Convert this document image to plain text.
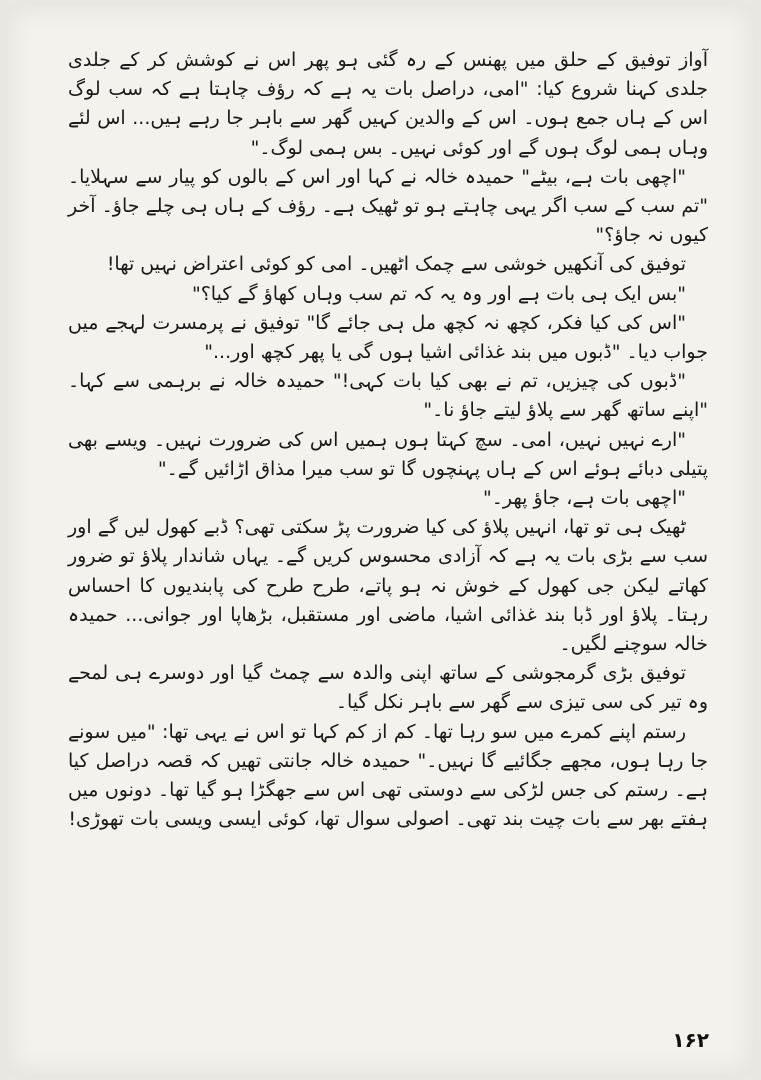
آواز توفیق کے حلق میں پھنس کے رہ گئی ہو پھر اس نے کوشش کر کے جلدی جلدی کہنا شروع کیا: "امی، دراصل بات یہ ہے کہ رؤف چاہتا ہے کہ سب لوگ اس کے ہاں جمع ہوں۔ اس کے والدین کہیں گھر سے باہر جا رہے ہیں... اس لئے وہاں ہمی لوگ ہوں گے اور کوئی نہیں۔ بس ہمی لوگ۔"

"اچھی بات ہے، بیٹے" حمیدہ خالہ نے کہا اور اس کے بالوں کو پیار سے سہلایا۔ "تم سب کے سب اگر یہی چاہتے ہو تو ٹھیک ہے۔ رؤف کے ہاں ہی چلے جاؤ۔ آخر کیوں نہ جاؤ؟"

توفیق کی آنکھیں خوشی سے چمک اٹھیں۔ امی کو کوئی اعتراض نہیں تھا!

"بس ایک ہی بات ہے اور وہ یہ کہ تم سب وہاں کھاؤ گے کیا؟"

"اس کی کیا فکر، کچھ نہ کچھ مل ہی جائے گا" توفیق نے پرمسرت لہجے میں جواب دیا۔ "ڈبوں میں بند غذائی اشیا ہوں گی یا پھر کچھ اور..."

"ڈبوں کی چیزیں، تم نے بھی کیا بات کہی!" حمیدہ خالہ نے برہمی سے کہا۔ "اپنے ساتھ گھر سے پلاؤ لیتے جاؤ نا۔"

"ارے نہیں نہیں، امی۔ سچ کہتا ہوں ہمیں اس کی ضرورت نہیں۔ ویسے بھی پتیلی دبائے ہوئے اس کے ہاں پہنچوں گا تو سب میرا مذاق اڑائیں گے۔"

"اچھی بات ہے، جاؤ پھر۔"

ٹھیک ہی تو تھا، انہیں پلاؤ کی کیا ضرورت پڑ سکتی تھی؟ ڈبے کھول لیں گے اور سب سے بڑی بات یہ ہے کہ آزادی محسوس کریں گے۔ یہاں شاندار پلاؤ تو ضرور کھاتے لیکن جی کھول کے خوش نہ ہو پاتے، طرح طرح کی پابندیوں کا احساس رہتا۔ پلاؤ اور ڈبا بند غذائی اشیا، ماضی اور مستقبل، بڑھاپا اور جوانی... حمیدہ خالہ سوچنے لگیں۔

توفیق بڑی گرمجوشی کے ساتھ اپنی والدہ سے چمٹ گیا اور دوسرے ہی لمحے وہ تیر کی سی تیزی سے گھر سے باہر نکل گیا۔

رستم اپنے کمرے میں سو رہا تھا۔ کم از کم کہا تو اس نے یہی تھا: "میں سونے جا رہا ہوں، مجھے جگائیے گا نہیں۔" حمیدہ خالہ جانتی تھیں کہ قصہ دراصل کیا ہے۔ رستم کی جس لڑکی سے دوستی تھی اس سے جھگڑا ہو گیا تھا۔ دونوں میں ہفتے بھر سے بات چیت بند تھی۔ اصولی سوال تھا، کوئی ایسی ویسی بات تھوڑی!

۱۶۲
